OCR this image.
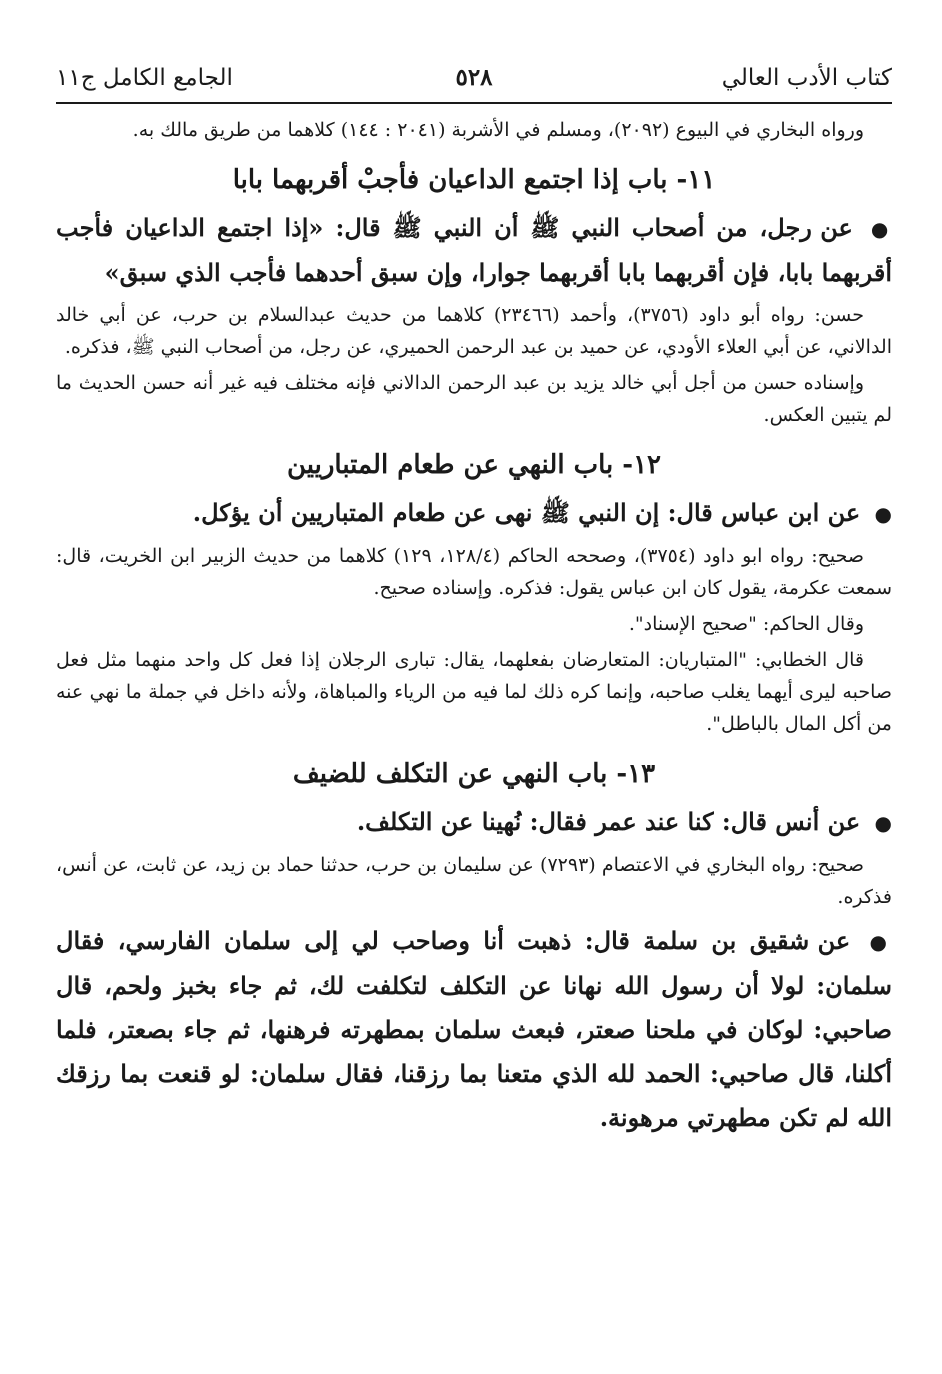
كتاب الأدب العالي
٥٢٨
الجامع الكامل ج١١

ورواه البخاري في البيوع (٢٠٩٢)، ومسلم في الأشربة (٢٠٤١ : ١٤٤) كلاهما من طريق مالك به.

١١- باب إذا اجتمع الداعيان فأجبْ أقربهما بابا

● عن رجل، من أصحاب النبي ﷺ أن النبي ﷺ قال: «إذا اجتمع الداعيان فأجب أقربهما بابا، فإن أقربهما بابا أقربهما جوارا، وإن سبق أحدهما فأجب الذي سبق»

حسن: رواه أبو داود (٣٧٥٦)، وأحمد (٢٣٤٦٦) كلاهما من حديث عبدالسلام بن حرب، عن أبي خالد الدالاني، عن أبي العلاء الأودي، عن حميد بن عبد الرحمن الحميري، عن رجل، من أصحاب النبي ﷺ، فذكره.

وإسناده حسن من أجل أبي خالد يزيد بن عبد الرحمن الدالاني فإنه مختلف فيه غير أنه حسن الحديث ما لم يتبين العكس.

١٢- باب النهي عن طعام المتباريين

● عن ابن عباس قال: إن النبي ﷺ نهى عن طعام المتباريين أن يؤكل.

صحيح: رواه ابو داود (٣٧٥٤)، وصححه الحاكم (١٢٨/٤، ١٢٩) كلاهما من حديث الزبير ابن الخريت، قال: سمعت عكرمة، يقول كان ابن عباس يقول: فذكره. وإسناده صحيح.

وقال الحاكم: "صحيح الإسناد".

قال الخطابي: "المتباريان: المتعارضان بفعلهما، يقال: تبارى الرجلان إذا فعل كل واحد منهما مثل فعل صاحبه ليرى أيهما يغلب صاحبه، وإنما كره ذلك لما فيه من الرياء والمباهاة، ولأنه داخل في جملة ما نهي عنه من أكل المال بالباطل".

١٣- باب النهي عن التكلف للضيف

● عن أنس قال: كنا عند عمر فقال: نُهينا عن التكلف.

صحيح: رواه البخاري في الاعتصام (٧٢٩٣) عن سليمان بن حرب، حدثنا حماد بن زيد، عن ثابت، عن أنس، فذكره.

● عن شقيق بن سلمة قال: ذهبت أنا وصاحب لي إلى سلمان الفارسي، فقال سلمان: لولا أن رسول الله نهانا عن التكلف لتكلفت لك، ثم جاء بخبز ولحم، قال صاحبي: لوكان في ملحنا صعتر، فبعث سلمان بمطهرته فرهنها، ثم جاء بصعتر، فلما أكلنا، قال صاحبي: الحمد لله الذي متعنا بما رزقنا، فقال سلمان: لو قنعت بما رزقك الله لم تكن مطهرتي مرهونة.
